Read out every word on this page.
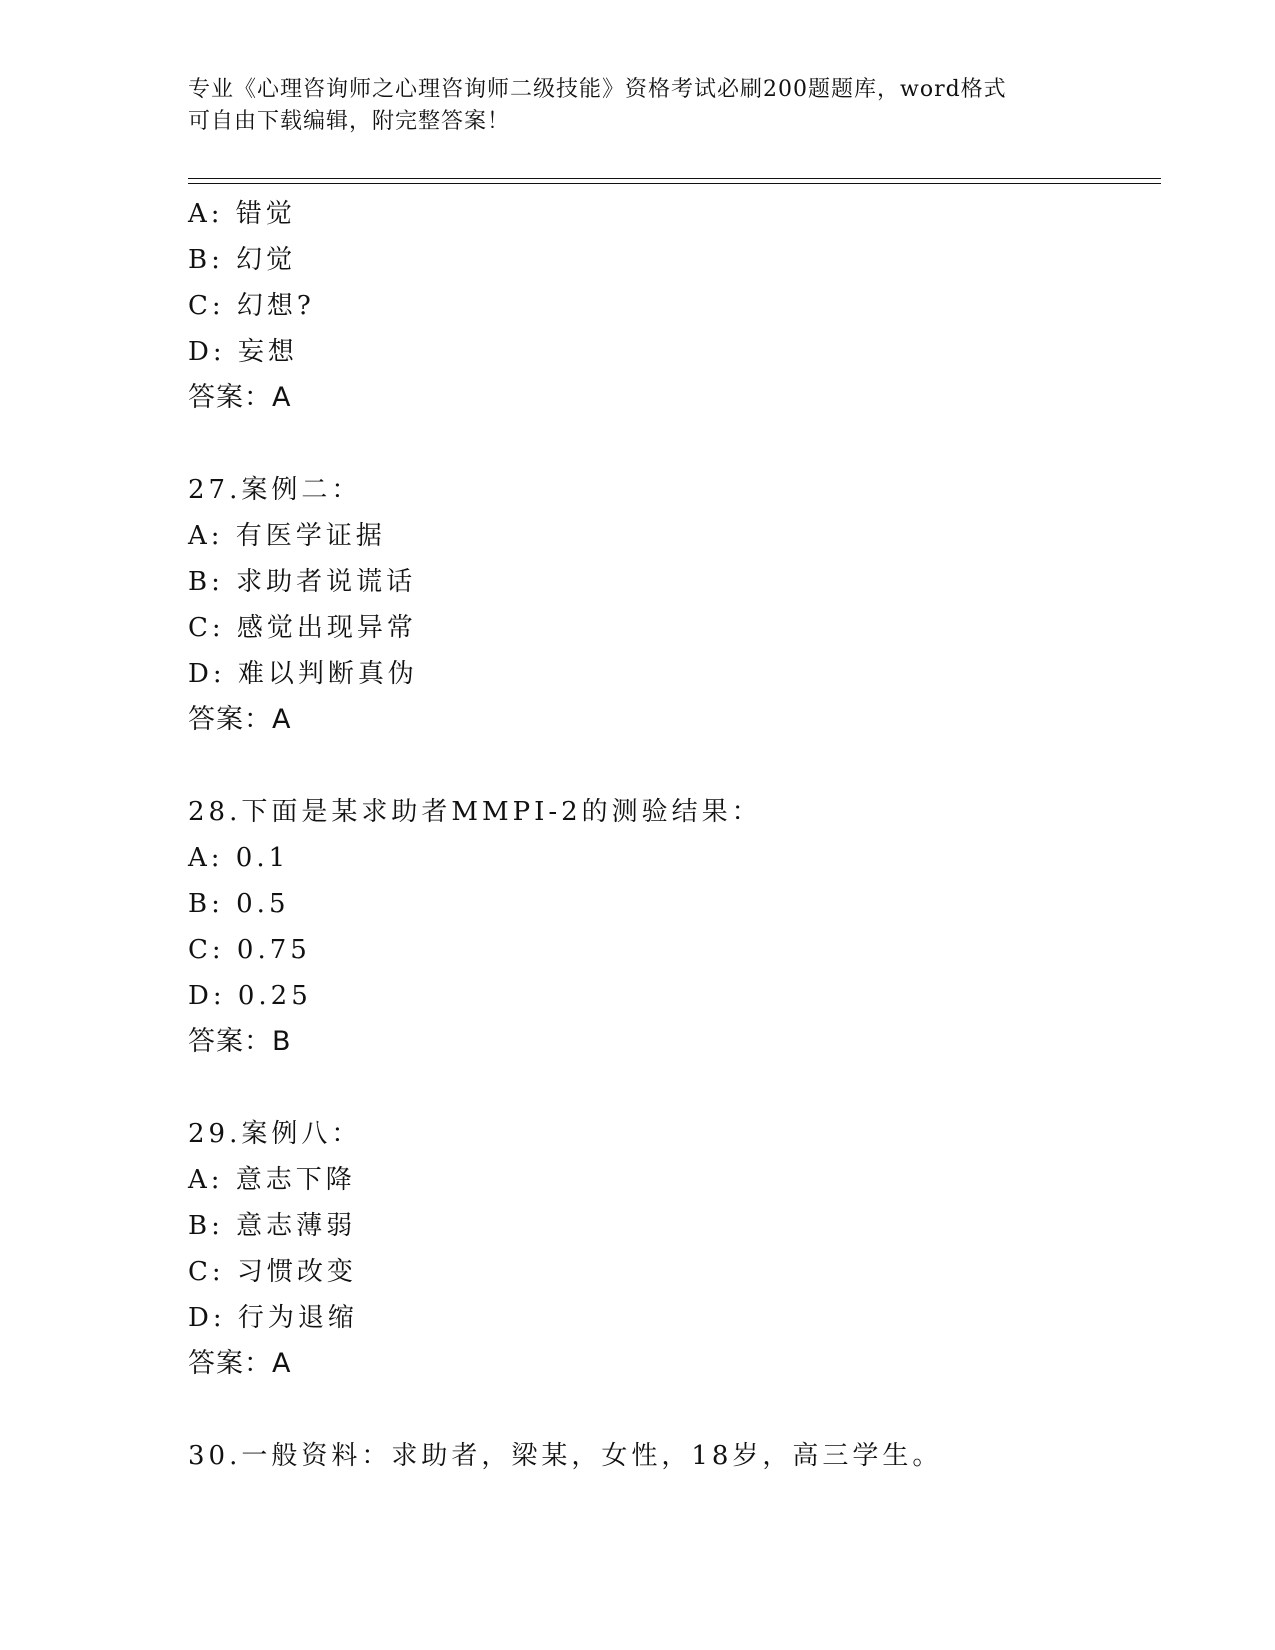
专业《心理咨询师之心理咨询师二级技能》资格考试必刷200题题库，word格式
可自由下载编辑，附完整答案！
A: 错觉
B: 幻觉
C: 幻想?
D: 妄想
答案：A
27.案例二：
A: 有医学证据
B: 求助者说谎话
C: 感觉出现异常
D: 难以判断真伪
答案：A
28.下面是某求助者MMPI-2的测验结果：
A: 0.1
B: 0.5
C: 0.75
D: 0.25
答案：B
29.案例八：
A: 意志下降
B: 意志薄弱
C: 习惯改变
D: 行为退缩
答案：A
30.一般资料：求助者，梁某，女性，18岁，高三学生。
